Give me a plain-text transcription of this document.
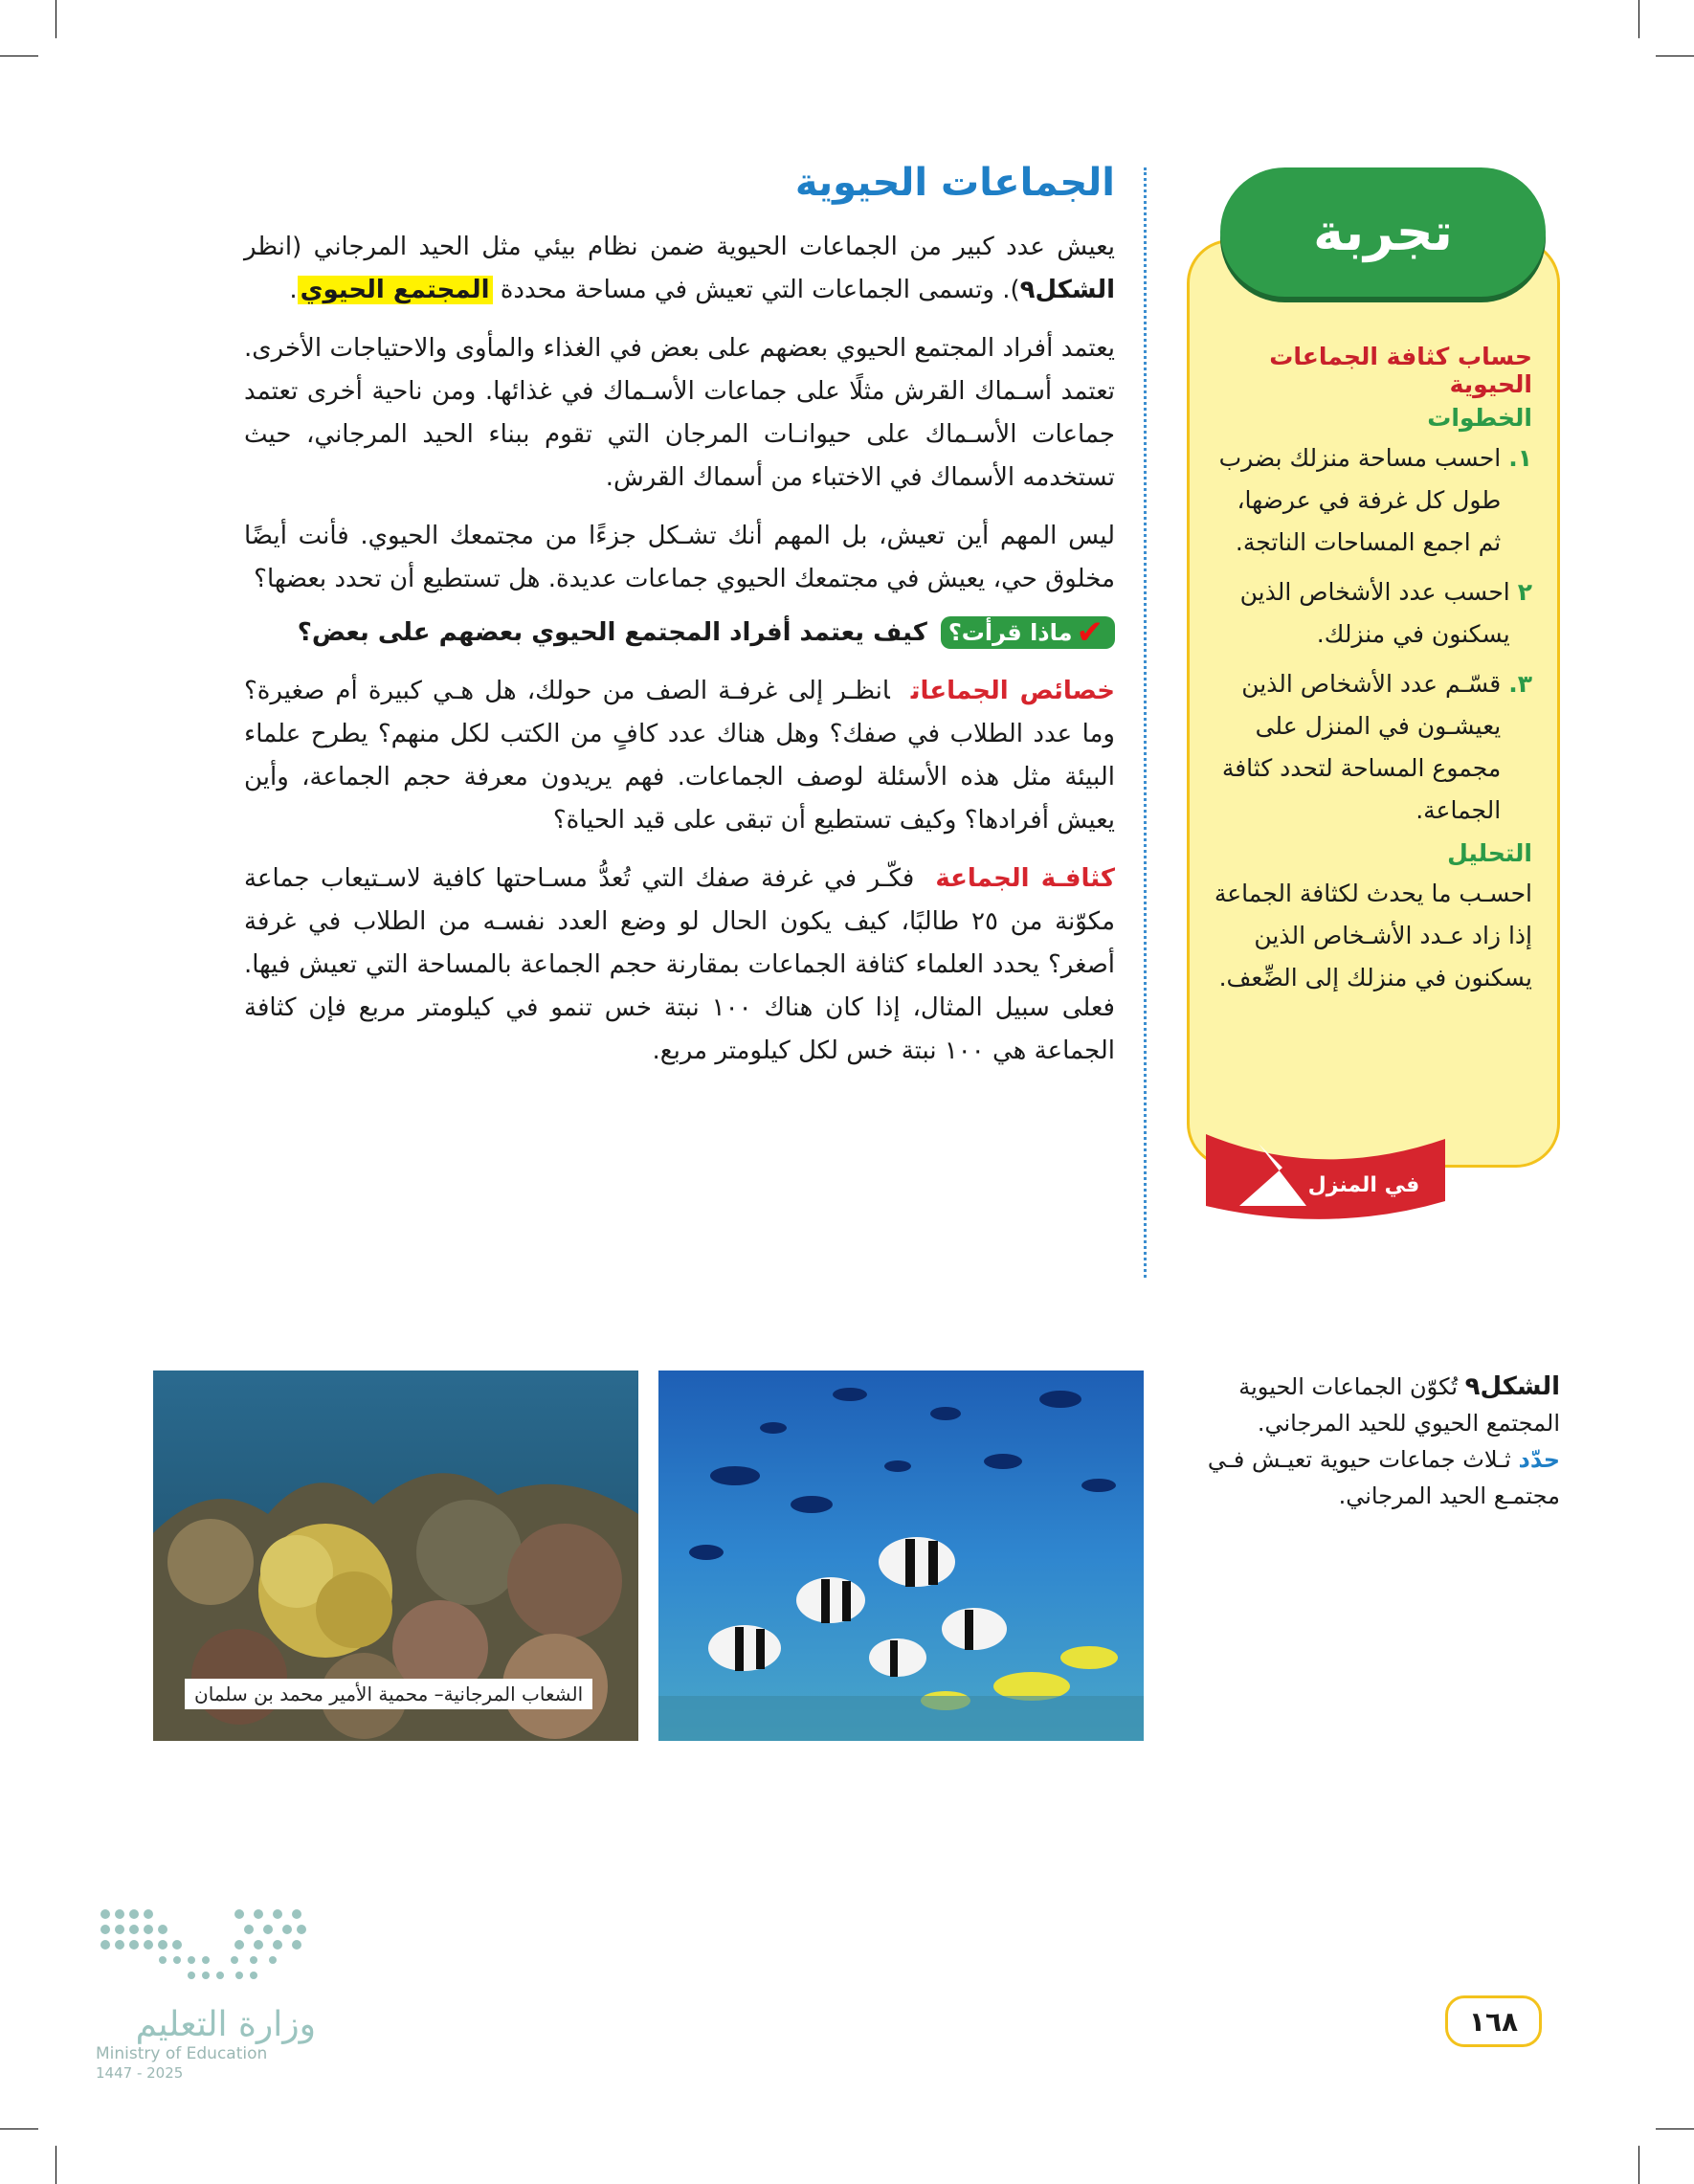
الجماعات الحيوية

يعيش عدد كبير من الجماعات الحيوية ضمن نظام بيئي مثل الحيد المرجاني (انظر الشكل٩). وتسمى الجماعات التي تعيش في مساحة محددة المجتمع الحيوي.

يعتمد أفراد المجتمع الحيوي بعضهم على بعض في الغذاء والمأوى والاحتياجات الأخرى. تعتمد أسـماك القرش مثلًا على جماعات الأسـماك في غذائها. ومن ناحية أخرى تعتمد جماعات الأسـماك على حيوانـات المرجان التي تقوم ببناء الحيد المرجاني، حيث تستخدمه الأسماك في الاختباء من أسماك القرش.

ليس المهم أين تعيش، بل المهم أنك تشـكل جزءًا من مجتمعك الحيوي. فأنت أيضًا مخلوق حي، يعيش في مجتمعك الحيوي جماعات عديدة. هل تستطيع أن تحدد بعضها؟

✔
ماذا قرأت؟
كيف يعتمد أفراد المجتمع الحيوي بعضهم على بعض؟

خصائص الجماعاتانظـر إلى غرفـة الصف من حولك، هل هـي كبيرة أم صغيرة؟ وما عدد الطلاب في صفك؟ وهل هناك عدد كافٍ من الكتب لكل منهم؟ يطرح علماء البيئة مثل هذه الأسئلة لوصف الجماعات. فهم يريدون معرفة حجم الجماعة، وأين يعيش أفرادها؟ وكيف تستطيع أن تبقى على قيد الحياة؟

كثافـة الجماعةفكّـر في غرفة صفك التي تُعدُّ مسـاحتها كافية لاسـتيعاب جماعة مكوّنة من ٢٥ طالبًا، كيف يكون الحال لو وضع العدد نفسـه من الطلاب في غرفة أصغر؟ يحدد العلماء كثافة الجماعات بمقارنة حجم الجماعة بالمساحة التي تعيش فيها. فعلى سبيل المثال، إذا كان هناك ١٠٠ نبتة خس تنمو في كيلومتر مربع فإن كثافة الجماعة هي ١٠٠ نبتة خس لكل كيلومتر مربع.

حساب كثافة الجماعات الحيوية
الخطوات
١.
احسب مساحة منزلك بضرب طول كل غرفة في عرضها، ثم اجمع المساحات الناتجة.
٢
احسب عدد الأشخاص الذين يسكنون في منزلك.
٣.
قسّـم عدد الأشخاص الذين يعيشـون في المنزل على مجموع المساحة لتحدد كثافة الجماعة.
التحليل

احسـب ما يحدث لكثافة الجماعة إذا زاد عـدد الأشـخاص الذين يسكنون في منزلك إلى الضِّعف.

تجربة
في المنزل
الشكل٩ تُكوّن الجماعات الحيوية المجتمع الحيوي للحيد المرجاني.
حدّد ثـلاث جماعات حيوية تعيـش فـي مجتمـع الحيد المرجاني.
الشعاب المرجانية– محمية الأمير محمد بن سلمان
١٦٨
وزارة التعليم
Ministry of Education
2025 - 1447
